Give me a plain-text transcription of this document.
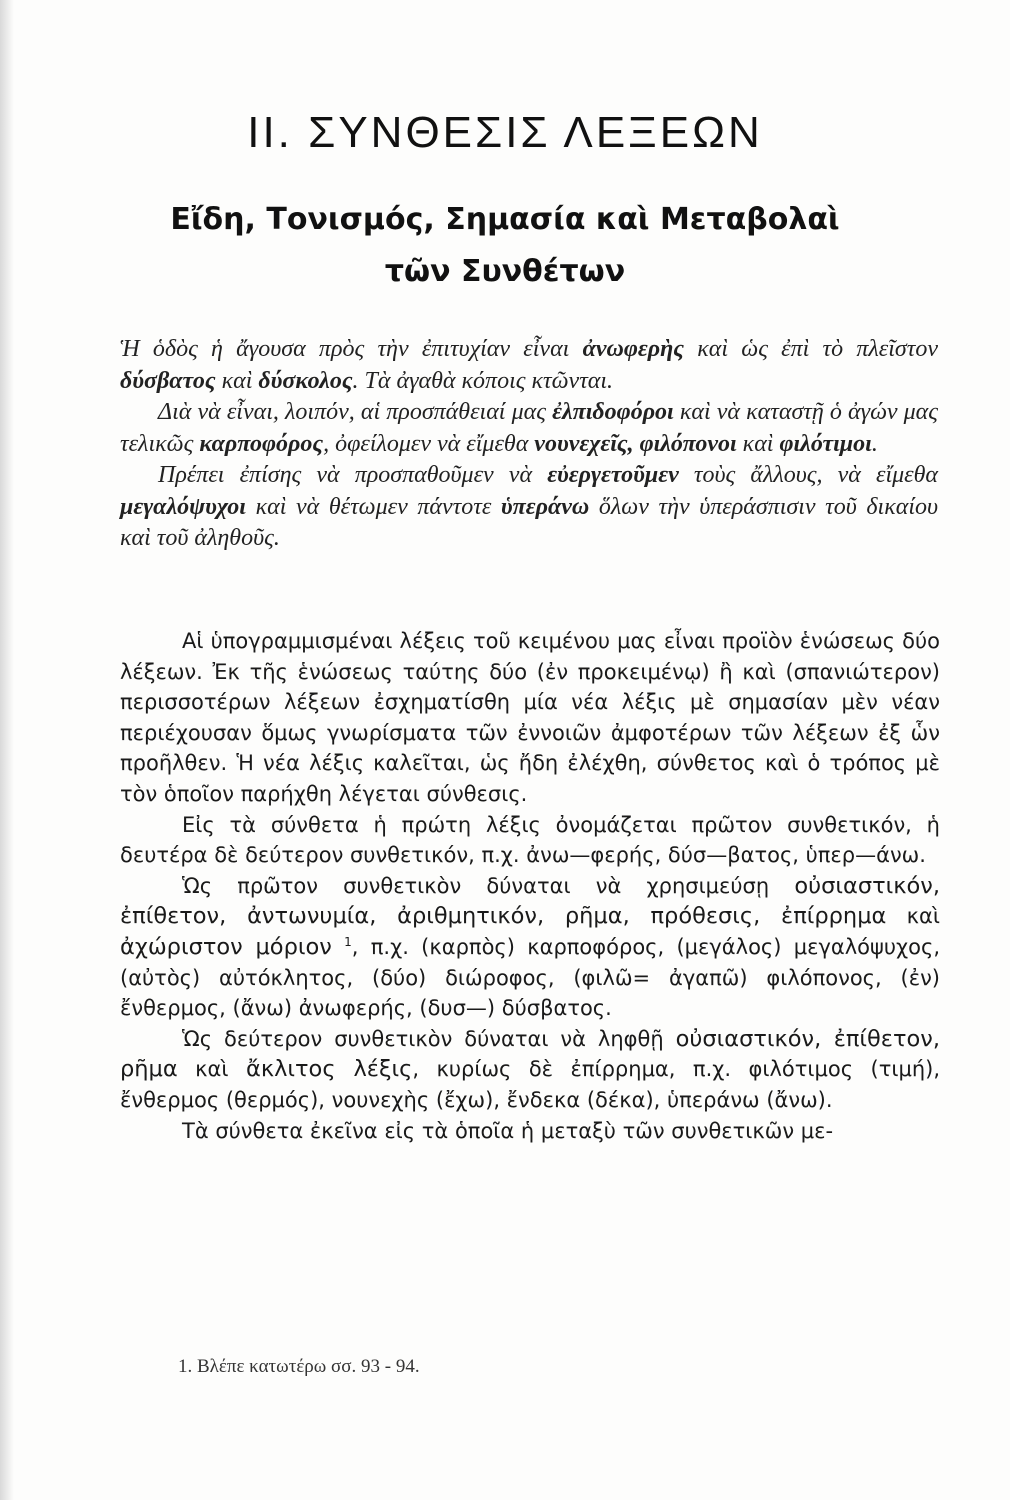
II. ΣΥΝΘΕΣΙΣ ΛΕΞΕΩΝ
Εἴδη, Τονισμός, Σημασία καὶ Μεταβολαὶ
τῶν Συνθέτων

Ἡ ὁδὸς ἡ ἄγουσα πρὸς τὴν ἐπιτυχίαν εἶναι ἀνωφερὴς καὶ ὡς ἐπὶ τὸ πλεῖστον δύσβατος καὶ δύσκολος. Τὰ ἀγαθὰ κόποις κτῶνται.

Διὰ νὰ εἶναι, λοιπόν, αἱ προσπάθειαί μας ἐλπιδοφόροι καὶ νὰ καταστῇ ὁ ἀγών μας τελικῶς καρποφόρος, ὀφείλομεν νὰ εἴμεθα νουνεχεῖς, φιλόπονοι καὶ φιλότιμοι.

Πρέπει ἐπίσης νὰ προσπαθοῦμεν νὰ εὐεργετοῦμεν τοὺς ἄλλους, νὰ εἴμεθα μεγαλόψυχοι καὶ νὰ θέτωμεν πάντοτε ὑπεράνω ὅλων τὴν ὑπεράσπισιν τοῦ δικαίου καὶ τοῦ ἀληθοῦς.

Αἱ ὑπογραμμισμέναι λέξεις τοῦ κειμένου μας εἶναι προϊὸν ἑνώσεως δύο λέξεων. Ἐκ τῆς ἑνώσεως ταύτης δύο (ἐν προκειμένῳ) ἢ καὶ (σπανιώτερον) περισσοτέρων λέξεων ἐσχηματίσθη μία νέα λέξις μὲ σημασίαν μὲν νέαν περιέχουσαν ὅμως γνωρίσματα τῶν ἐννοιῶν ἀμφοτέρων τῶν λέξεων ἐξ ὧν προῆλθεν. Ἡ νέα λέξις καλεῖται, ὡς ἤδη ἐλέχθη, σύνθετος καὶ ὁ τρόπος μὲ τὸν ὁποῖον παρήχθη λέγεται σύνθεσις.

Εἰς τὰ σύνθετα ἡ πρώτη λέξις ὀνομάζεται πρῶτον συνθετικόν, ἡ δευτέρα δὲ δεύτερον συνθετικόν, π.χ. ἀνω—φερής, δύσ—βατος, ὑπερ—άνω.

Ὡς πρῶτον συνθετικὸν δύναται νὰ χρησιμεύσῃ οὐσιαστικόν, ἐπίθετον, ἀντωνυμία, ἀριθμητικόν, ρῆμα, πρόθεσις, ἐπίρρημα καὶ ἀχώριστον μόριον $^1$, π.χ. (καρπὸς) καρποφόρος, (μεγάλος) μεγαλόψυχος, (αὐτὸς) αὐτόκλητος, (δύο) διώροφος, (φιλῶ= ἀγαπῶ) φιλόπονος, (ἐν) ἔνθερμος, (ἄνω) ἀνωφερής, (δυσ—) δύσβατος.

Ὡς δεύτερον συνθετικὸν δύναται νὰ ληφθῇ οὐσιαστικόν, ἐπίθετον, ρῆμα καὶ ἄκλιτος λέξις, κυρίως δὲ ἐπίρρημα, π.χ. φιλότιμος (τιμή), ἔνθερμος (θερμός), νουνεχὴς (ἔχω), ἔνδεκα (δέκα), ὑπεράνω (ἄνω).

Τὰ σύνθετα ἐκεῖνα εἰς τὰ ὁποῖα ἡ μεταξὺ τῶν συνθετικῶν με-

1. Βλέπε κατωτέρω σσ. 93 - 94.
